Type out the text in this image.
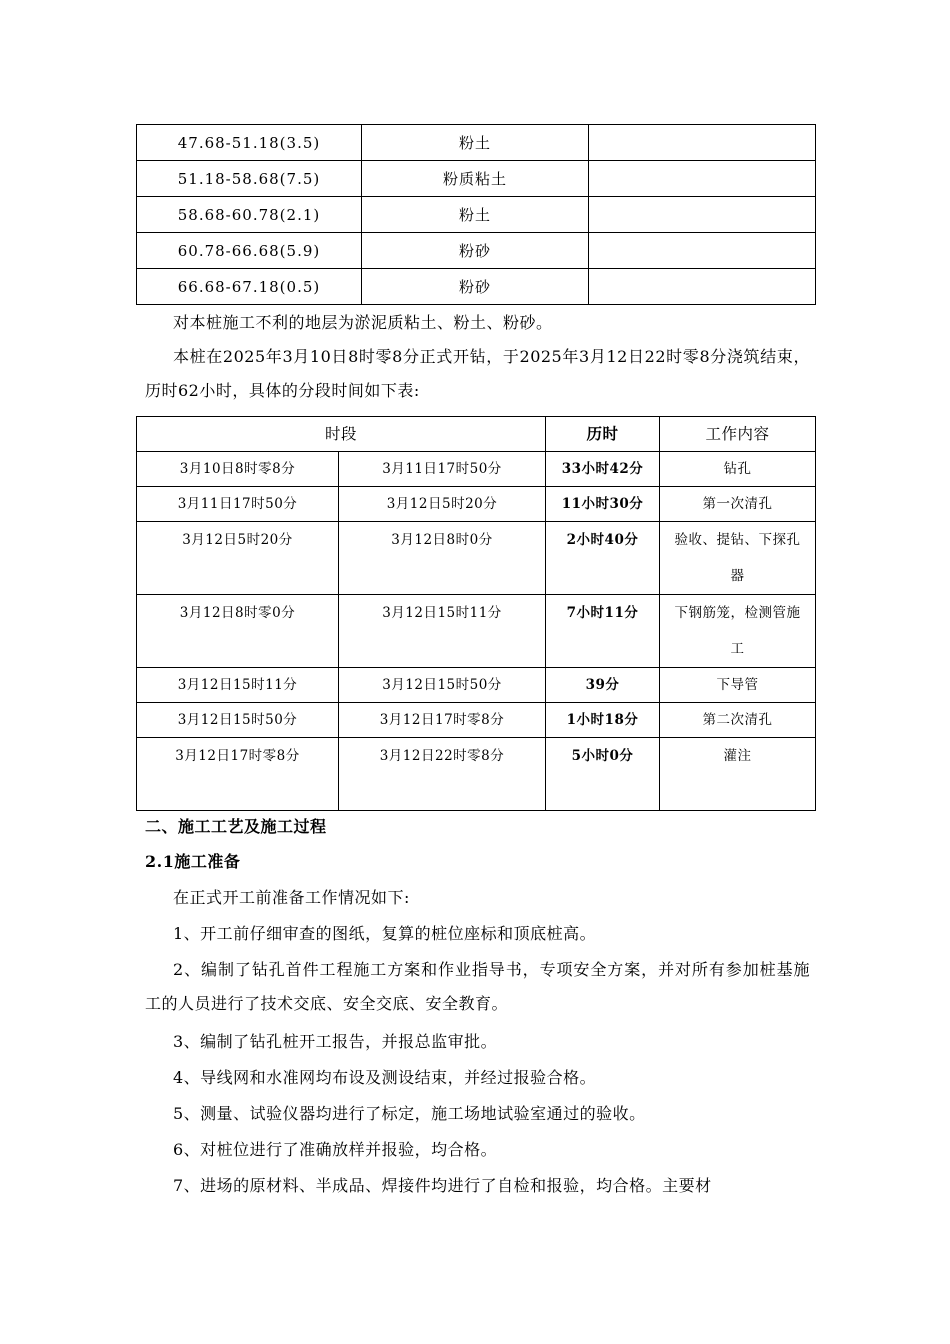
47.68-51.18(3.5)	粉土	
51.18-58.68(7.5)	粉质粘土	
58.68-60.78(2.1)	粉土	
60.78-66.68(5.9)	粉砂	
66.68-67.18(0.5)	粉砂	
对本桩施工不利的地层为淤泥质粘土、粉土、粉砂。
本桩在2025年3月10日8时零8分正式开钻，于2025年3月12日22时零8分浇筑结束，历时62小时，具体的分段时间如下表:
时段		历时	工作内容
3月10日8时零8分	3月11日17时50分	33小时42分	钻孔
3月11日17时50分	3月12日5时20分	11小时30分	第一次清孔
3月12日5时20分	3月12日8时0分	2小时40分	验收、提钻、下探孔器
3月12日8时零0分	3月12日15时11分	7小时11分	下钢筋笼，检测管施工
3月12日15时11分	3月12日15时50分	39分	下导管
3月12日15时50分	3月12日17时零8分	1小时18分	第二次清孔
3月12日17时零8分	3月12日22时零8分	5小时0分	灌注
二、施工工艺及施工过程
2.1施工准备
在正式开工前准备工作情况如下:
1、开工前仔细审查的图纸，复算的桩位座标和顶底桩高。
2、编制了钻孔首件工程施工方案和作业指导书，专项安全方案，并对所有参加桩基施工的人员进行了技术交底、安全交底、安全教育。
3、编制了钻孔桩开工报告，并报总监审批。
4、导线网和水准网均布设及测设结束，并经过报验合格。
5、测量、试验仪器均进行了标定，施工场地试验室通过的验收。
6、对桩位进行了准确放样并报验，均合格。
7、进场的原材料、半成品、焊接件均进行了自检和报验，均合格。主要材
